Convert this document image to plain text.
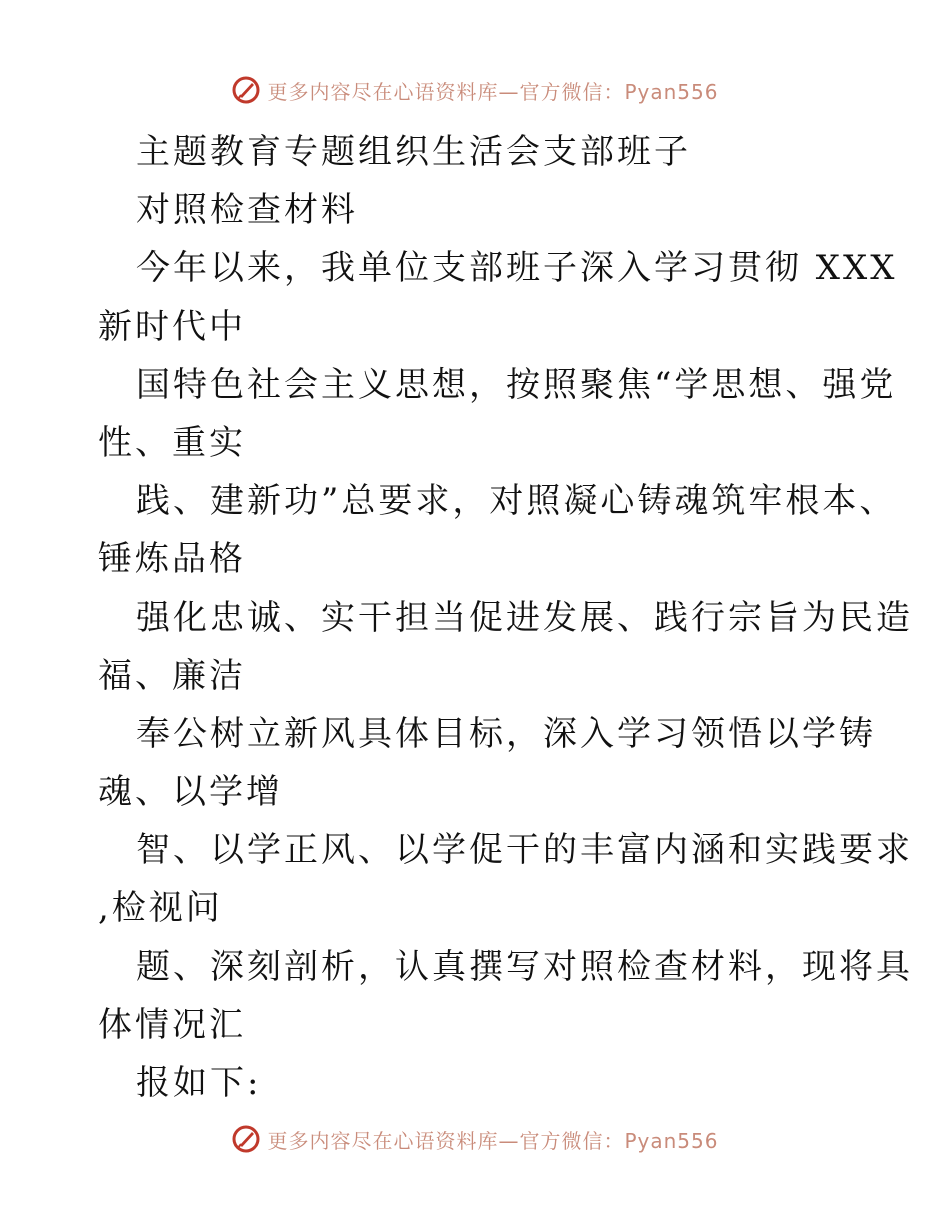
更多内容尽在心语资料库—官方微信：Pyan556
主题教育专题组织生活会支部班子
对照检查材料
今年以来，我单位支部班子深入学习贯彻 XXX
新时代中
国特色社会主义思想，按照聚焦“学思想、强党
性、重实
践、建新功”总要求，对照凝心铸魂筑牢根本、
锤炼品格
强化忠诚、实干担当促进发展、践行宗旨为民造
福、廉洁
奉公树立新风具体目标，深入学习领悟以学铸
魂、以学增
智、以学正风、以学促干的丰富内涵和实践要求
,检视问
题、深刻剖析，认真撰写对照检查材料，现将具
体情况汇
报如下:
更多内容尽在心语资料库—官方微信：Pyan556
